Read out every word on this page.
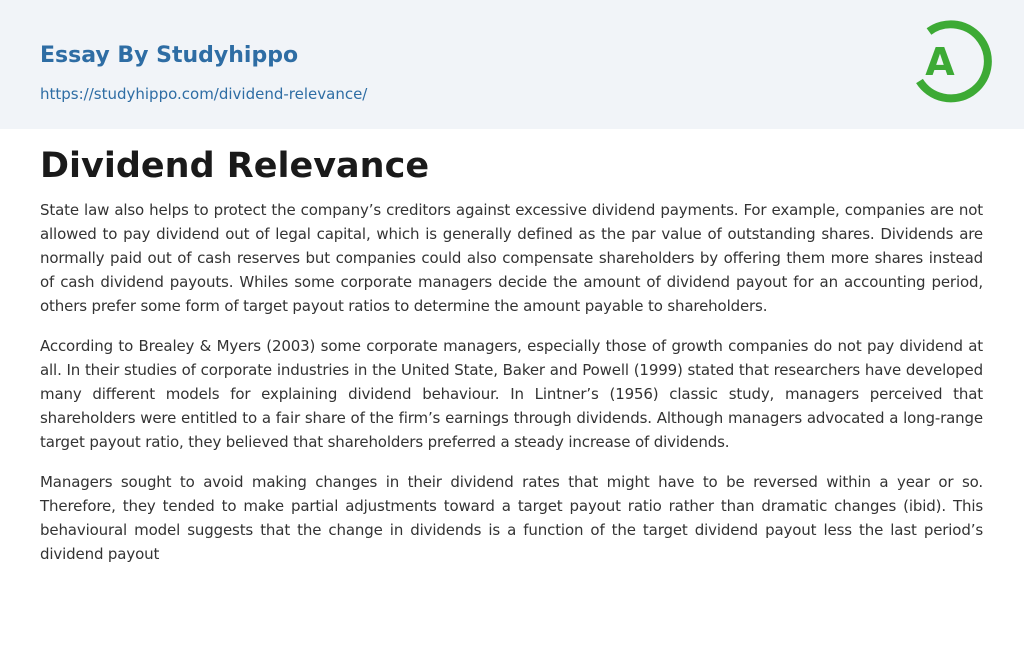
Essay By Studyhippo
https://studyhippo.com/dividend-relevance/
A
Dividend Relevance

State law also helps to protect the company’s creditors against excessive dividend payments. For example, companies are not allowed to pay dividend out of legal capital, which is generally defined as the par value of outstanding shares. Dividends are normally paid out of cash reserves but companies could also compensate shareholders by offering them more shares instead of cash dividend payouts. Whiles some corporate managers decide the amount of dividend payout for an accounting period, others prefer some form of target payout ratios to determine the amount payable to shareholders.

According to Brealey & Myers (2003) some corporate managers, especially those of growth companies do not pay dividend at all. In their studies of corporate industries in the United State, Baker and Powell (1999) stated that researchers have developed many different models for explaining dividend behaviour. In Lintner’s (1956) classic study, managers perceived that shareholders were entitled to a fair share of the firm’s earnings through dividends. Although managers advocated a long-range target payout ratio, they believed that shareholders preferred a steady increase of dividends.

Managers sought to avoid making changes in their dividend rates that might have to be reversed within a year or so. Therefore, they tended to make partial adjustments toward a target payout ratio rather than dramatic changes (ibid). This behavioural model suggests that the change in dividends is a function of the target dividend payout less the last period’s dividend payout
